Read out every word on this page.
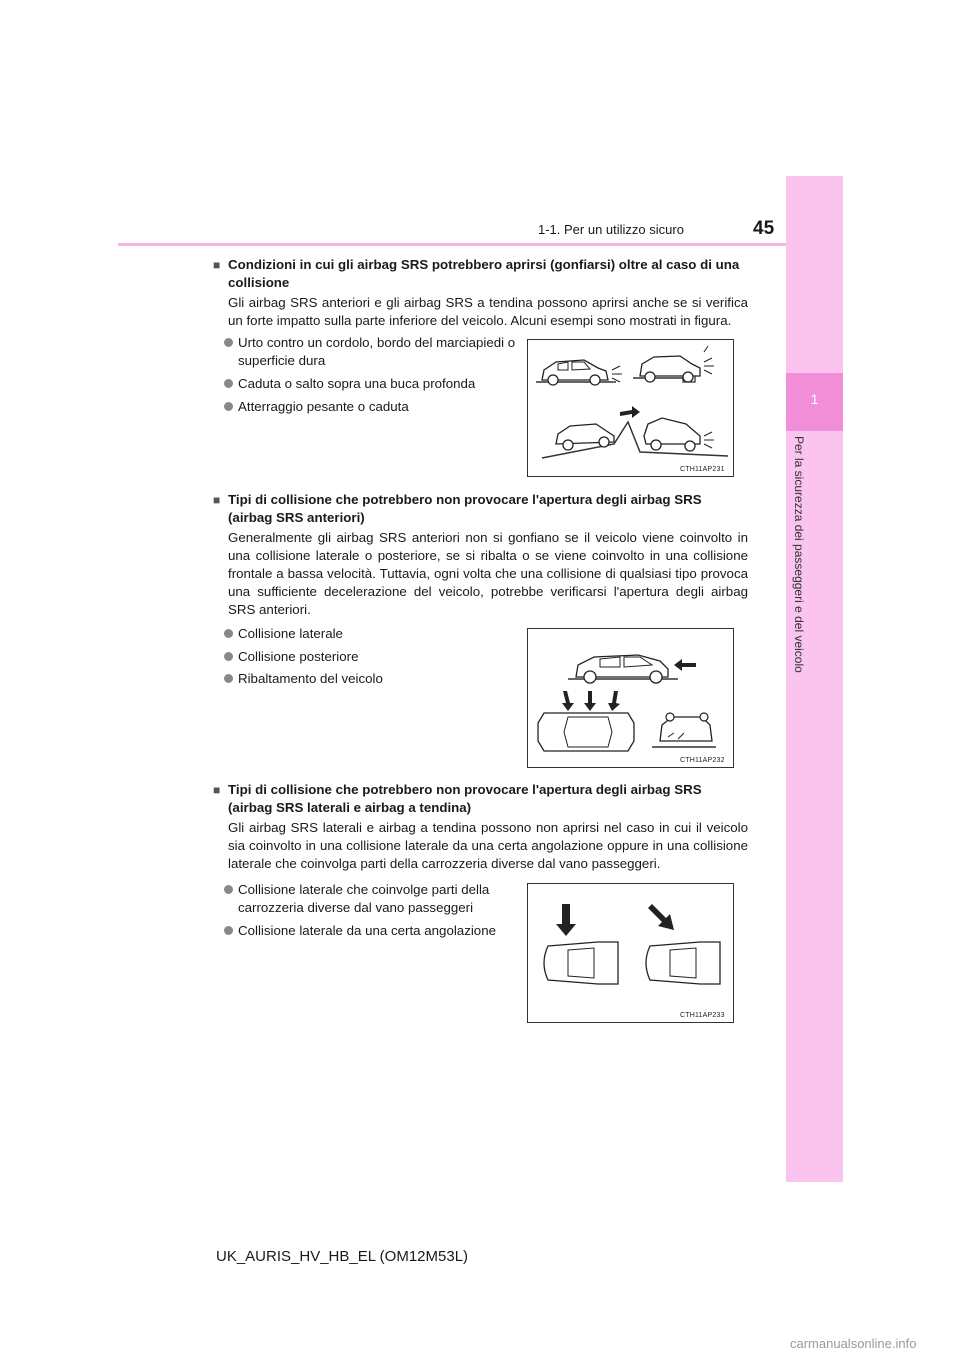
1-1. Per un utilizzo sicuro	45
1
Per la sicurezza dei passeggeri e del veicolo
■ Condizioni in cui gli airbag SRS potrebbero aprirsi (gonfiarsi) oltre al caso di una collisione
Gli airbag SRS anteriori e gli airbag SRS a tendina possono aprirsi anche se si verifica un forte impatto sulla parte inferiore del veicolo. Alcuni esempi sono mostrati in figura.
Urto contro un cordolo, bordo del marciapiedi o superficie dura
Caduta o salto sopra una buca profonda
Atterraggio pesante o caduta
CTH11AP231
■ Tipi di collisione che potrebbero non provocare l'apertura degli airbag SRS (airbag SRS anteriori)
Generalmente gli airbag SRS anteriori non si gonfiano se il veicolo viene coinvolto in una collisione laterale o posteriore, se si ribalta o se viene coinvolto in una collisione frontale a bassa velocità. Tuttavia, ogni volta che una collisione di qualsiasi tipo provoca una sufficiente decelerazione del veicolo, potrebbe verificarsi l'apertura degli airbag SRS anteriori.
Collisione laterale
Collisione posteriore
Ribaltamento del veicolo
CTH11AP232
■ Tipi di collisione che potrebbero non provocare l'apertura degli airbag SRS (airbag SRS laterali e airbag a tendina)
Gli airbag SRS laterali e airbag a tendina possono non aprirsi nel caso in cui il veicolo sia coinvolto in una collisione laterale da una certa angolazione oppure in una collisione laterale che coinvolga parti della carrozzeria diverse dal vano passeggeri.
Collisione laterale che coinvolge parti della carrozzeria diverse dal vano passeggeri
Collisione laterale da una certa angolazione
CTH11AP233
UK_AURIS_HV_HB_EL (OM12M53L)
carmanualsonline.info
